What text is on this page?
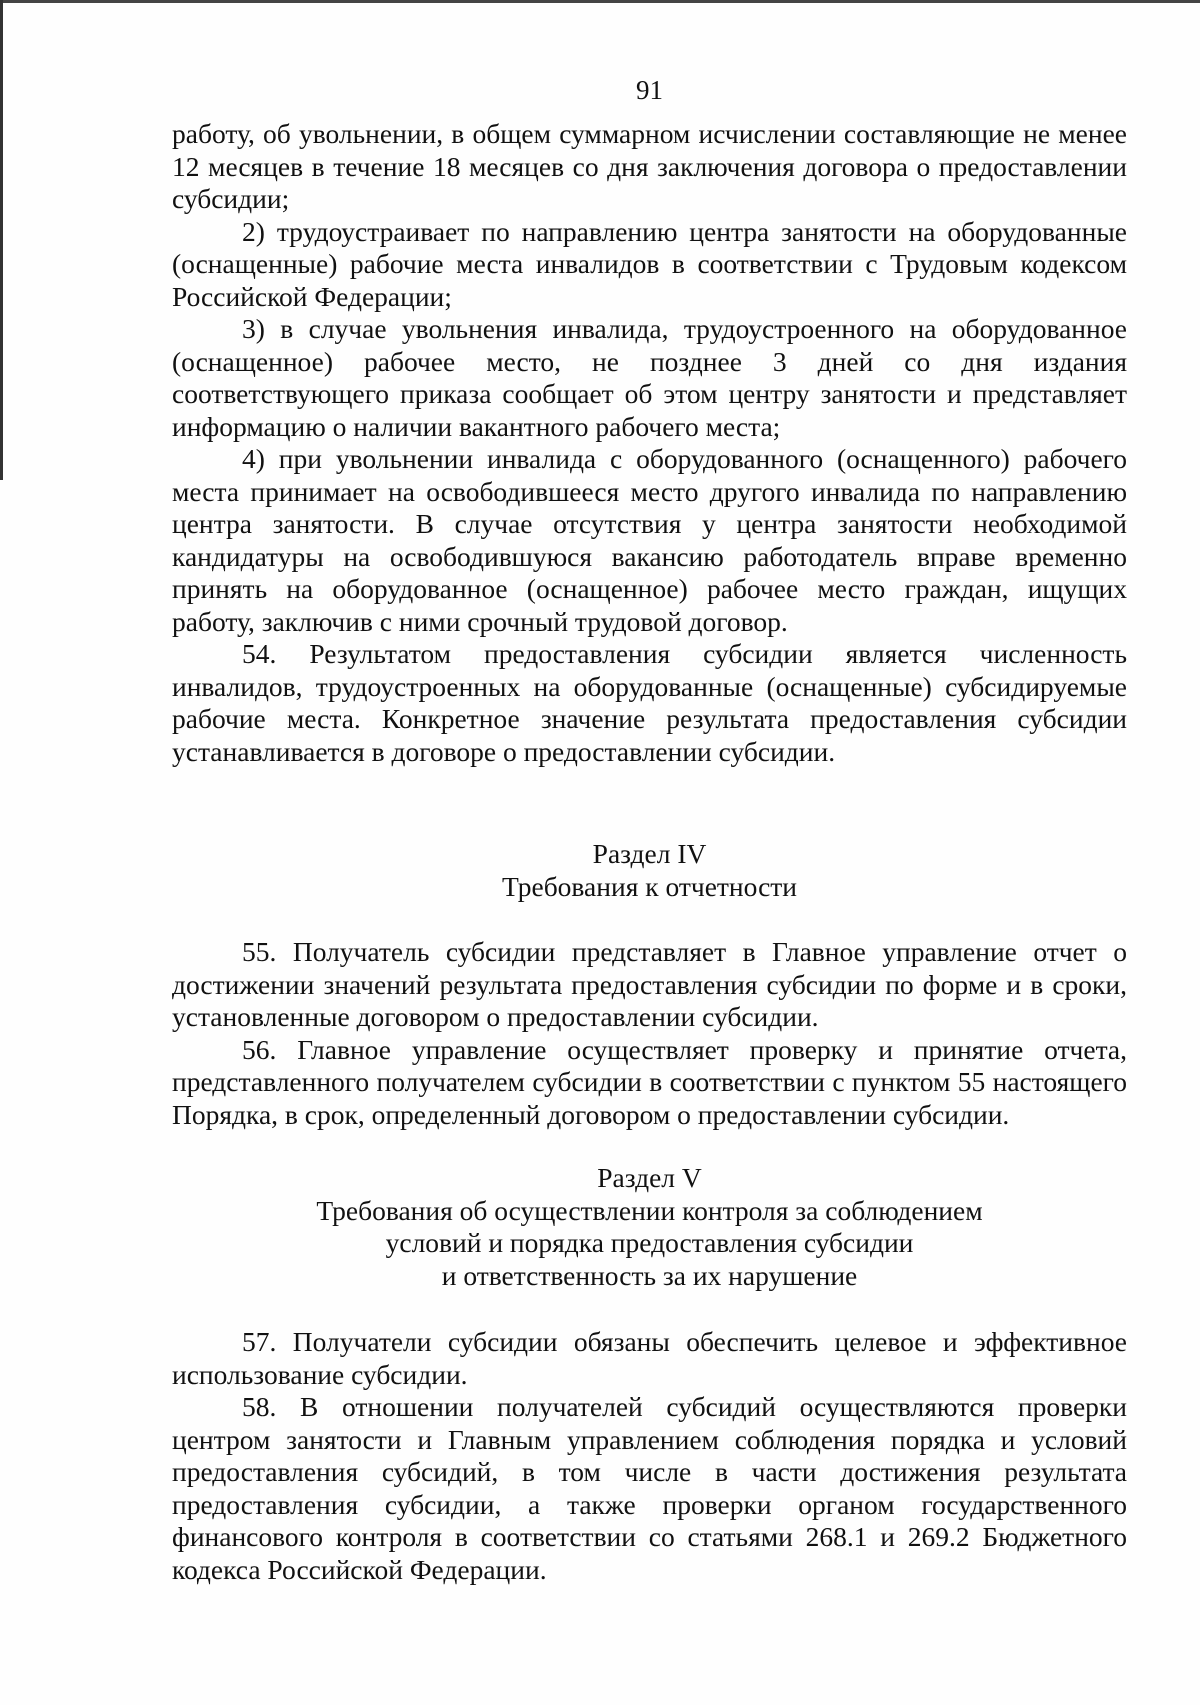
91

работу, об увольнении, в общем суммарном исчислении составляющие не менее 12 месяцев в течение 18 месяцев со дня заключения договора о предоставлении субсидии;

2) трудоустраивает по направлению центра занятости на оборудованные (оснащенные) рабочие места инвалидов в соответствии с Трудовым кодексом Российской Федерации;

3) в случае увольнения инвалида, трудоустроенного на оборудованное (оснащенное) рабочее место, не позднее 3 дней со дня издания соответствующего приказа сообщает об этом центру занятости и представляет информацию о наличии вакантного рабочего места;

4) при увольнении инвалида с оборудованного (оснащенного) рабочего места принимает на освободившееся место другого инвалида по направлению центра занятости. В случае отсутствия у центра занятости необходимой кандидатуры на освободившуюся вакансию работодатель вправе временно принять на оборудованное (оснащенное) рабочее место граждан, ищущих работу, заключив с ними срочный трудовой договор.

54. Результатом предоставления субсидии является численность инвалидов, трудоустроенных на оборудованные (оснащенные) субсидируемые рабочие места. Конкретное значение результата предоставления субсидии устанавливается в договоре о предоставлении субсидии.

Раздел IV

Требования к отчетности

55. Получатель субсидии представляет в Главное управление отчет о достижении значений результата предоставления субсидии по форме и в сроки, установленные договором о предоставлении субсидии.

56. Главное управление осуществляет проверку и принятие отчета, представленного получателем субсидии в соответствии с пунктом 55 настоящего Порядка, в срок, определенный договором о предоставлении субсидии.

Раздел V

Требования об осуществлении контроля за соблюдением

условий и порядка предоставления субсидии

и ответственность за их нарушение

57. Получатели субсидии обязаны обеспечить целевое и эффективное использование субсидии.

58. В отношении получателей субсидий осуществляются проверки центром занятости и Главным управлением соблюдения порядка и условий предоставления субсидий, в том числе в части достижения результата предоставления субсидии, а также проверки органом государственного финансового контроля в соответствии со статьями 268.1 и 269.2 Бюджетного кодекса Российской Федерации.
